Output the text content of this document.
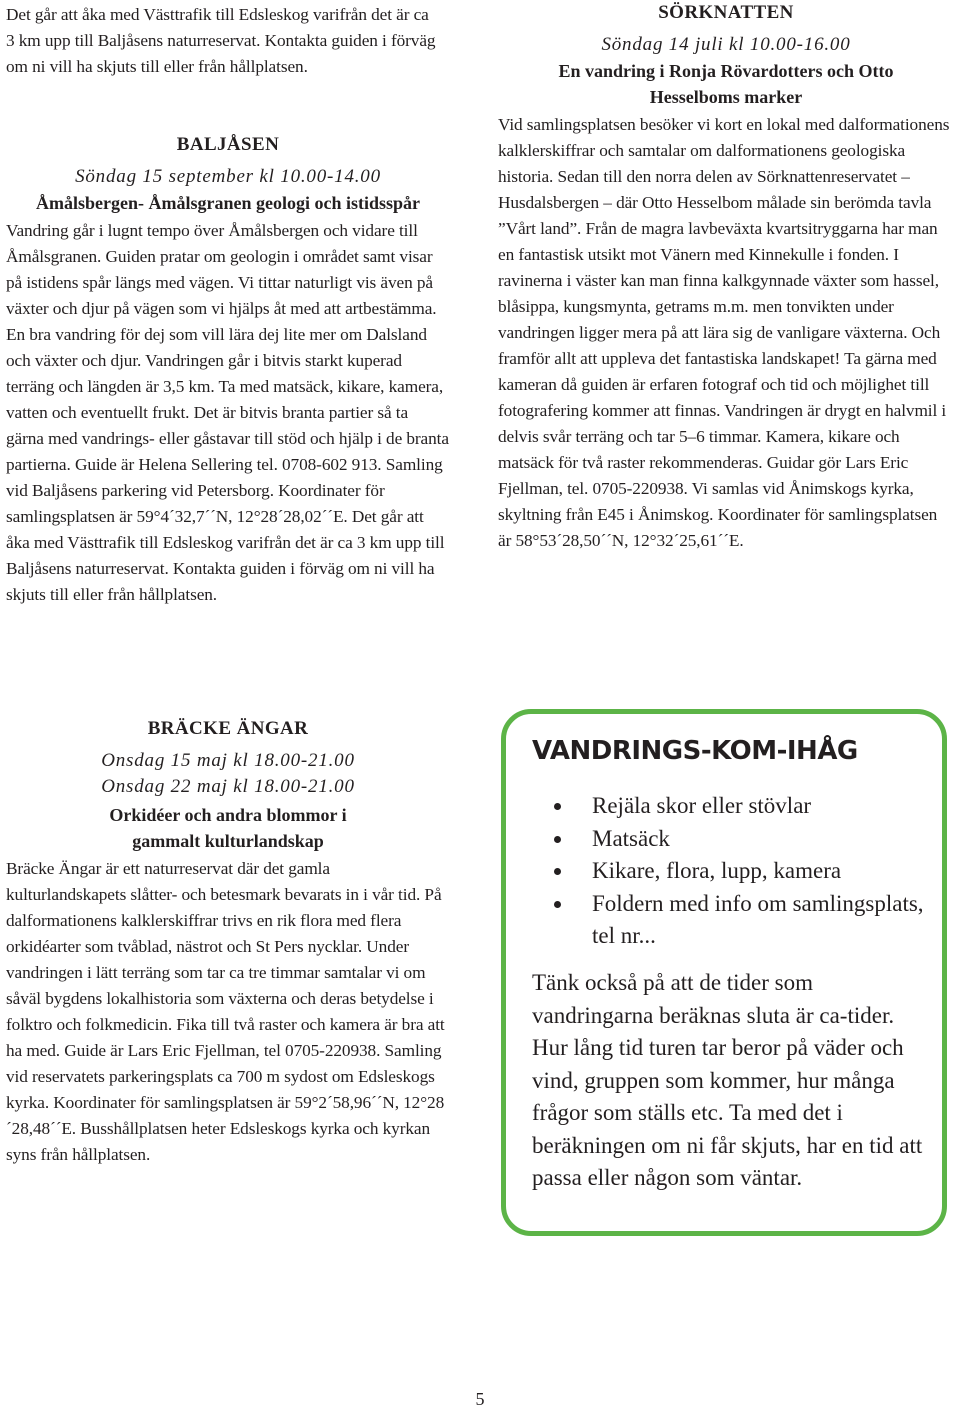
Det går att åka med Västtrafik till Edsleskog varifrån det är ca 3 km upp till Baljåsens naturreservat. Kontakta guiden i förväg om ni vill ha skjuts till eller från hållplatsen.

BALJÅSEN
Söndag 15 september kl 10.00-14.00
Åmålsbergen- Åmålsgranen geologi och istidsspår

Vandring går i lugnt tempo över Åmålsbergen och vidare till Åmålsgranen. Guiden pratar om geologin i området samt visar på istidens spår längs med vägen. Vi tittar naturligt vis även på växter och djur på vägen som vi hjälps åt med att artbestämma. En bra vandring för dej som vill lära dej lite mer om Dalsland och växter och djur. Vandringen går i bitvis starkt kuperad terräng och längden är 3,5 km. Ta med matsäck, kikare, kamera, vatten och eventuellt frukt. Det är bitvis branta partier så ta gärna med vandrings- eller gåstavar till stöd och hjälp i de branta partierna. Guide är Helena Sellering tel. 0708-602 913. Samling vid Baljåsens parkering vid Petersborg. Koordinater för samlingsplatsen är 59°4´32,7´´N, 12°28´28,02´´E. Det går att åka med Västtrafik till Edsleskog varifrån det är ca 3 km upp till Baljåsens naturreservat. Kontakta guiden i förväg om ni vill ha skjuts till eller från hållplatsen.

BRÄCKE ÄNGAR
Onsdag 15 maj kl 18.00-21.00
Onsdag 22 maj kl 18.00-21.00
Orkidéer och andra blommor i gammalt kulturlandskap

Bräcke Ängar är ett naturreservat där det gamla kulturlandskapets slåtter- och betesmark bevarats in i vår tid. På dalformationens kalklerskiffrar trivs en rik flora med flera orkidéarter som tvåblad, nästrot och St Pers nycklar. Under vandringen i lätt terräng som tar ca tre timmar samtalar vi om såväl bygdens lokalhistoria som växterna och deras betydelse i folktro och folkmedicin. Fika till två raster och kamera är bra att ha med. Guide är Lars Eric Fjellman, tel 0705-220938. Samling vid reservatets parkeringsplats ca 700 m sydost om Edsleskogs kyrka. Koordinater för samlingsplatsen är 59°2´58,96´´N, 12°28´28,48´´E. Busshållplatsen heter Edsleskogs kyrka och kyrkan syns från hållplatsen.

SÖRKNATTEN
Söndag 14 juli kl 10.00-16.00
En vandring i Ronja Rövardotters och Otto Hesselboms marker

Vid samlingsplatsen besöker vi kort en lokal med dalformationens kalklerskiffrar och samtalar om dalformationens geologiska historia. Sedan till den norra delen av Sörknattenreservatet – Husdalsbergen – där Otto Hesselbom målade sin berömda tavla ”Vårt land”. Från de magra lavbeväxta kvartsitryggarna har man en fantastisk utsikt mot Vänern med Kinnekulle i fonden. I ravinerna i väster kan man finna kalkgynnade växter som hassel, blåsippa, kungsmynta, getrams m.m. men tonvikten under vandringen ligger mera på att lära sig de vanligare växterna. Och framför allt att uppleva det fantastiska landskapet! Ta gärna med kameran då guiden är erfaren fotograf och tid och möjlighet till fotografering kommer att finnas. Vandringen är drygt en halvmil i delvis svår terräng och tar 5–6 timmar. Kamera, kikare och matsäck för två raster rekommenderas. Guidar gör Lars Eric Fjellman, tel. 0705-220938. Vi samlas vid Ånimskogs kyrka, skyltning från E45 i Ånimskog. Koordinater för samlingsplatsen är 58°53´28,50´´N, 12°32´25,61´´E.

VANDRINGS-KOM-IHÅG
Rejäla skor eller stövlar
Matsäck
Kikare, flora, lupp, kamera
Foldern med info om samlingsplats, tel nr...

Tänk också på att de tider som vandringarna beräknas sluta är ca-tider. Hur lång tid turen tar beror på väder och vind, gruppen som kommer, hur många frågor som ställs etc. Ta med det i beräkningen om ni får skjuts, har en tid att passa eller någon som väntar.

5
